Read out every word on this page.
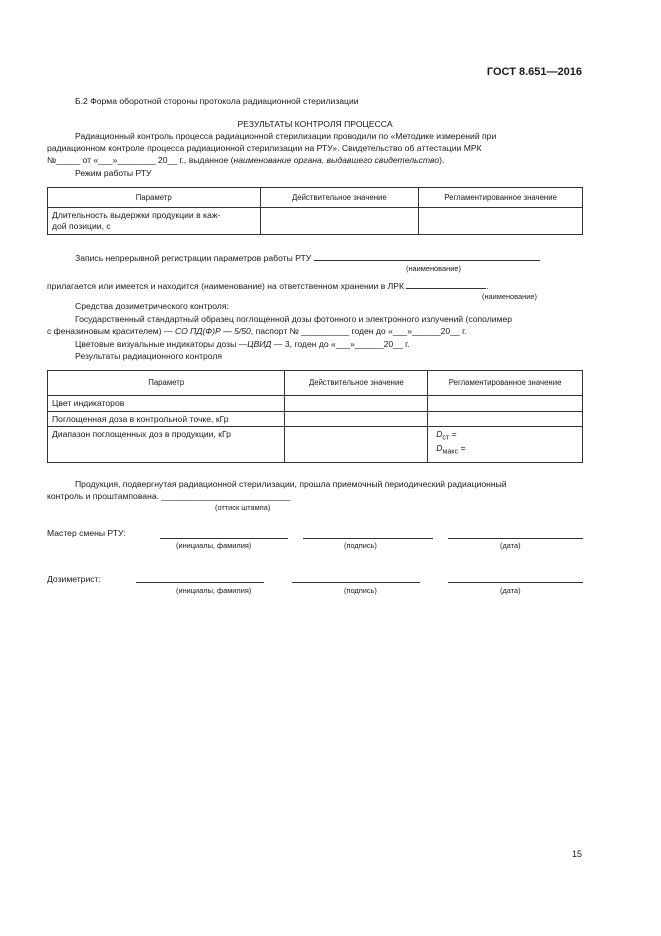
ГОСТ 8.651—2016
Б.2 Форма оборотной стороны протокола радиационной стерилизации
РЕЗУЛЬТАТЫ КОНТРОЛЯ ПРОЦЕССА
Радиационный контроль процесса радиационной стерилизации проводили по «Методике измерений при
радиационном контроле процесса радиационной стерилизации на РТУ». Свидетельство об аттестации МРК
№_____ от «___»________ 20__ г., выданное (наименование органа, выдавшего свидетельство).
Режим работы РТУ
Параметр	Действительное значение	Регламентированное значение
Длительность выдержки продукции в каж-
дой позиции, с		
Запись непрерывной регистрации параметров работы РТУ
(наименование)
прилагается или имеется и находится (наименование) на ответственном хранении в ЛРК	.
(наименование)
Средства дозиметрического контроля:
Государственный стандартный образец поглощенной дозы фотонного и электронного излучений (сополимер
с феназиновым красителем) — СО ПД(Ф)Р — 5/50, паспорт № __________ годен до «___»______20__ г.
Цветовые визуальные индикаторы дозы —ЦВИД — 3, годен до «___»______20__ г.
Результаты радиационного контроля
Параметр	Действительное значение	Регламентированное значение
Цвет индикаторов		
Поглощенная доза в контрольной точке, кГр		
Диапазон поглощенных доз в продукции, кГр		$D_{ст}$ =
$D_{макс}$ =
Продукция, подвергнутая радиационной стерилизации, прошла приемочный периодический радиационный
контроль и проштампована. ___________________________
(оттиск штампа)
Мастер смены РТУ:
(инициалы, фамилия)	(подпись)	(дата)
Дозиметрист:
(инициалы, фамилия)	(подпись)	(дата)
15
